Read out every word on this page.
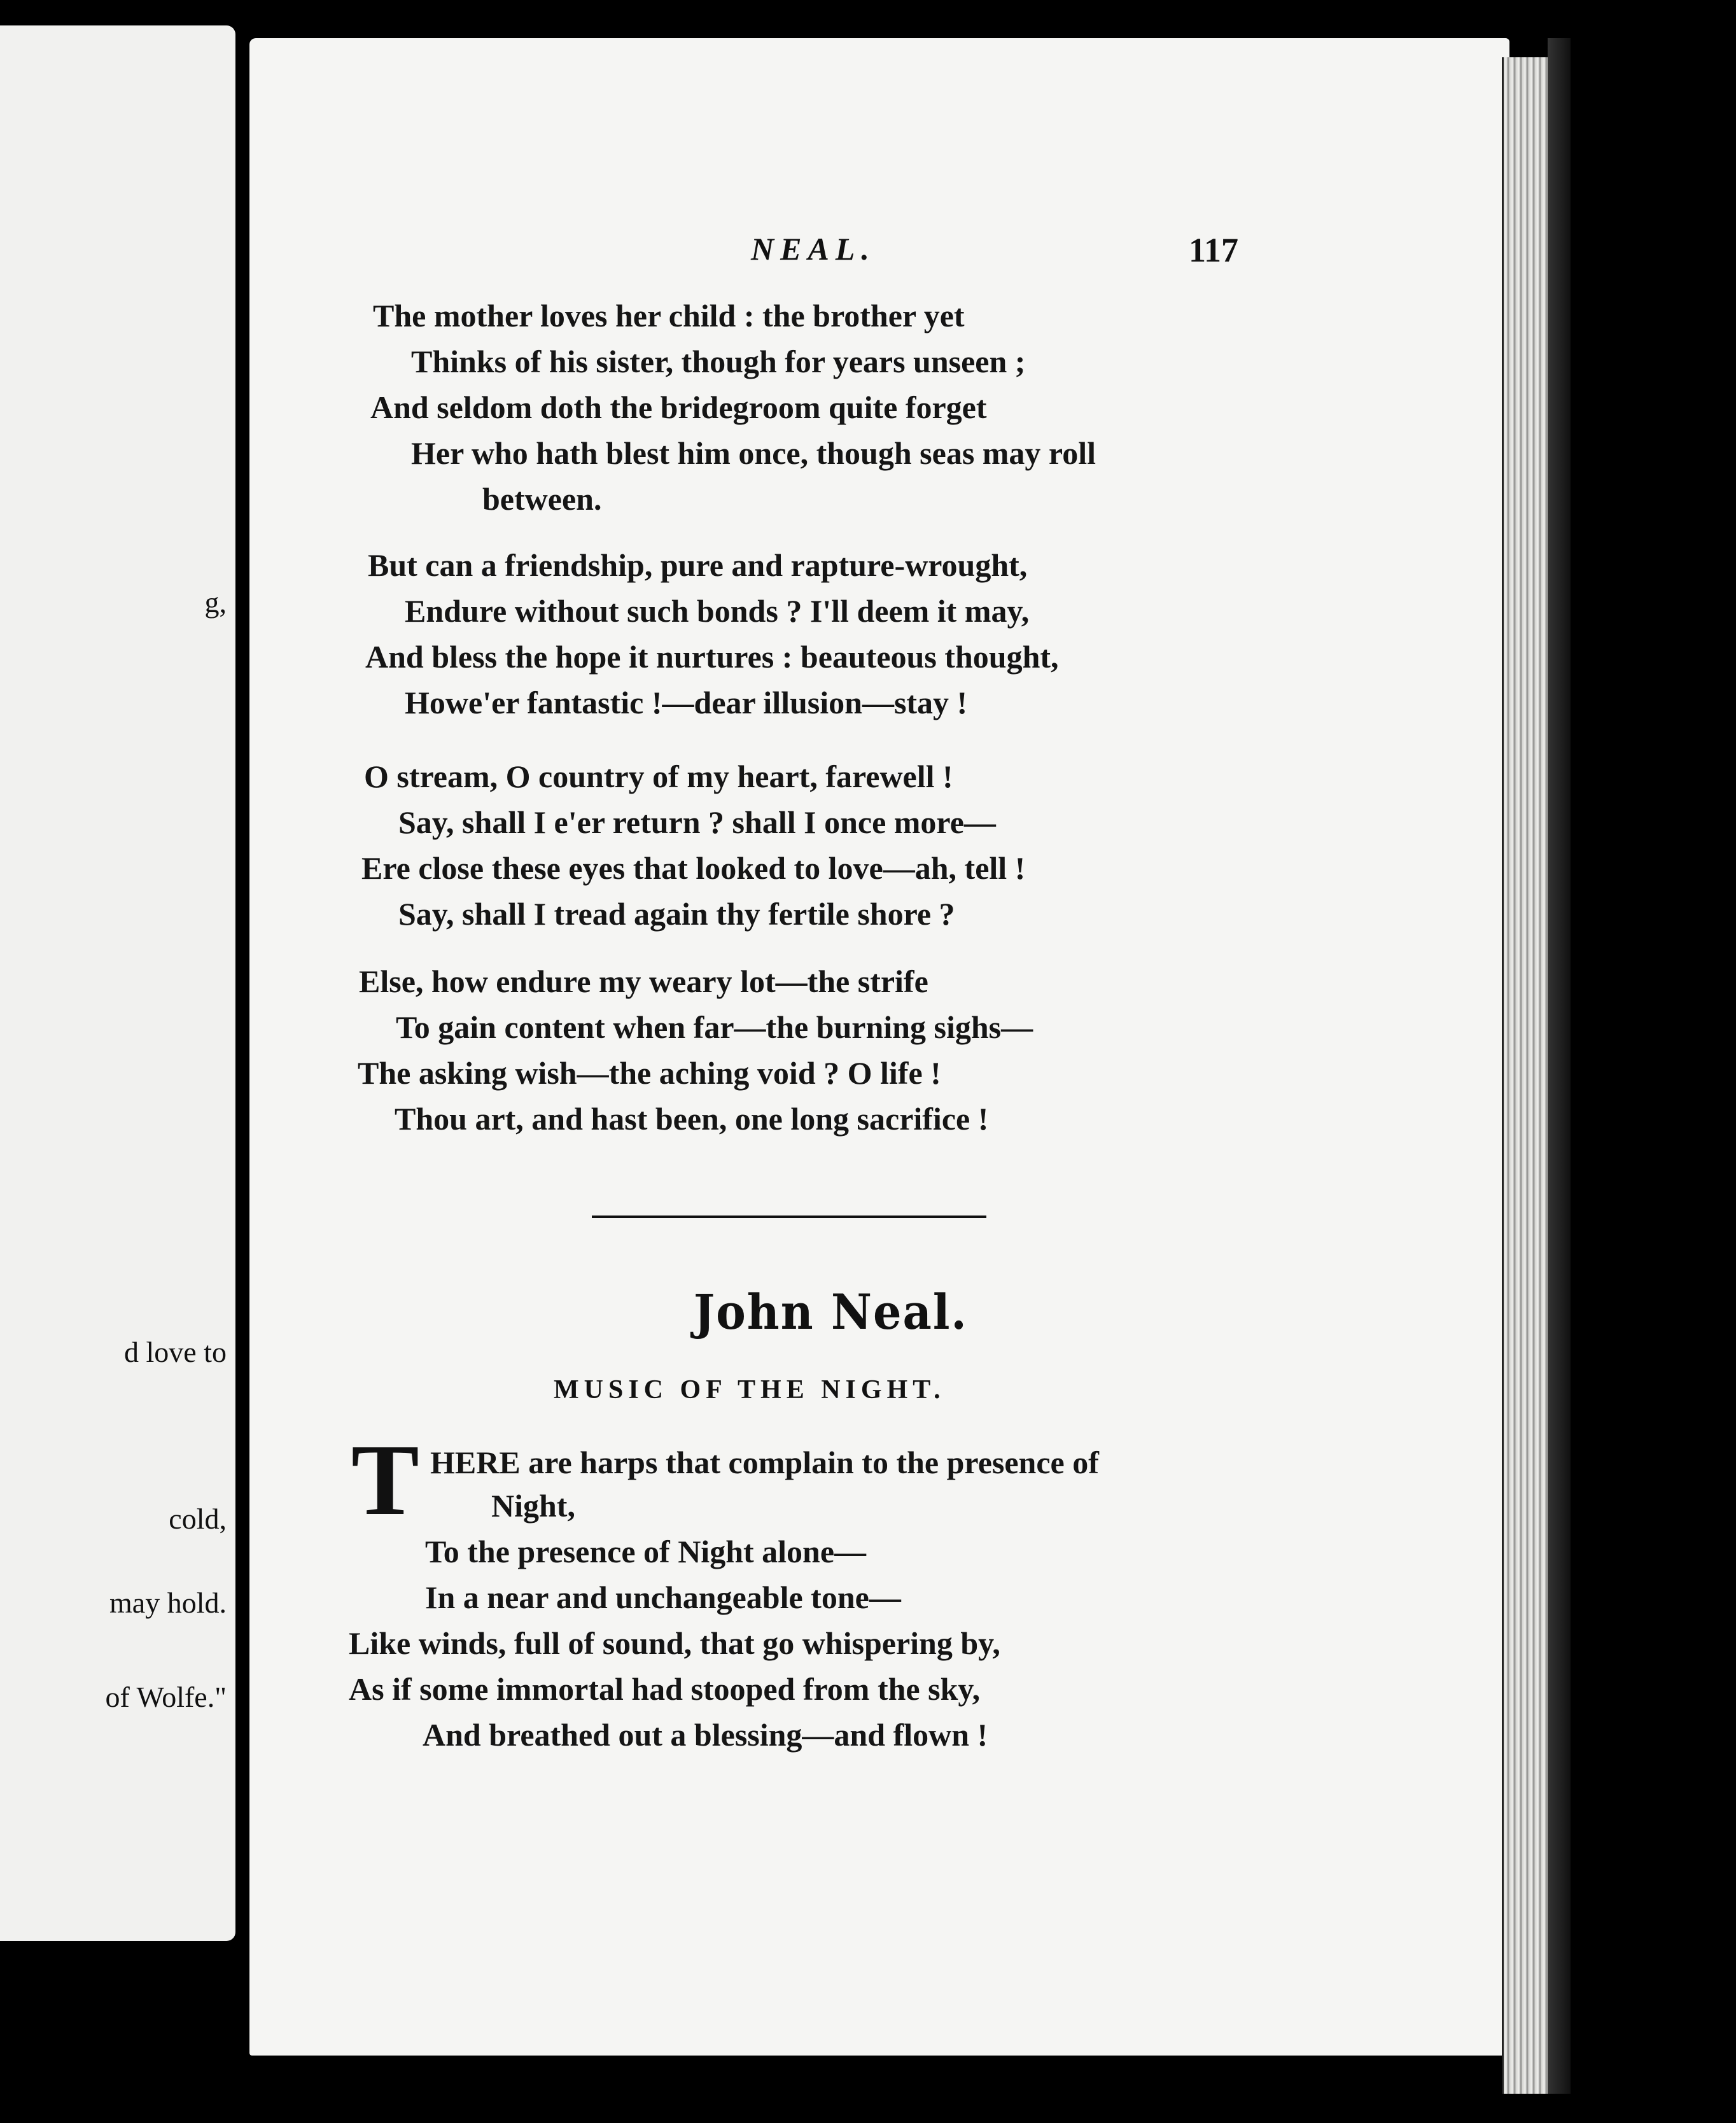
g,
d love to
cold,
may hold.
of Wolfe."
NEAL.	117
The mother loves her child : the brother yet
Thinks of his sister, though for years unseen ;
And seldom doth the bridegroom quite forget
Her who hath blest him once, though seas may roll
between.
But can a friendship, pure and rapture-wrought,
Endure without such bonds ? I'll deem it may,
And bless the hope it nurtures : beauteous thought,
Howe'er fantastic !—dear illusion—stay !
O stream, O country of my heart, farewell !
Say, shall I e'er return ? shall I once more—
Ere close these eyes that looked to love—ah, tell !
Say, shall I tread again thy fertile shore ?
Else, how endure my weary lot—the strife
To gain content when far—the burning sighs—
The asking wish—the aching void ? O life !
Thou art, and hast been, one long sacrifice !
John Neal.
MUSIC OF THE NIGHT.
T HERE are harps that complain to the presence of
Night,
To the presence of Night alone—
In a near and unchangeable tone—
Like winds, full of sound, that go whispering by,
As if some immortal had stooped from the sky,
And breathed out a blessing—and flown !
